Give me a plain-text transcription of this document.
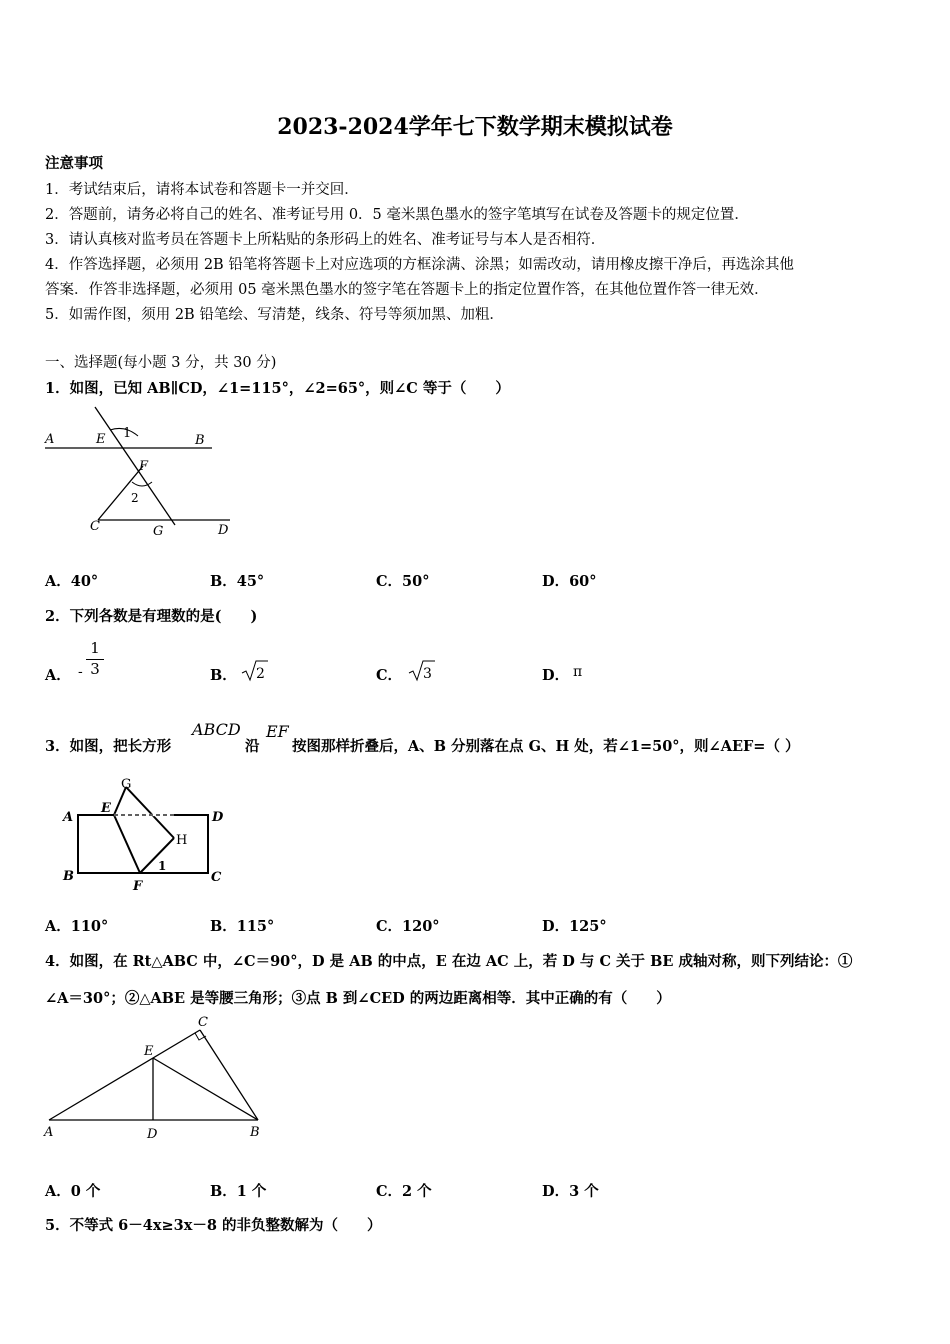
2023-2024学年七下数学期末模拟试卷
注意事项
1．考试结束后，请将本试卷和答题卡一并交回．
2．答题前，请务必将自己的姓名、准考证号用 0．5 毫米黑色墨水的签字笔填写在试卷及答题卡的规定位置．
3．请认真核对监考员在答题卡上所粘贴的条形码上的姓名、准考证号与本人是否相符．
4．作答选择题，必须用 2B 铅笔将答题卡上对应选项的方框涂满、涂黑；如需改动，请用橡皮擦干净后，再选涂其他
答案．作答非选择题，必须用 05 毫米黑色墨水的签字笔在答题卡上的指定位置作答，在其他位置作答一律无效．
5．如需作图，须用 2B 铅笔绘、写清楚，线条、符号等须加黑、加粗．
一、选择题(每小题 3 分，共 30 分)
1．如图，已知 AB∥CD，∠1=115°，∠2=65°，则∠C 等于（　　）
A	E	B
1
F
2
C	G	D
A．40°	B．45°	C．50°	D．60°
2．下列各数是有理数的是(　　)
A． - $\frac{1}{3}$	B． 2	C． 3	D． π
3．如图，把长方形
ABCD
沿
EF
按图那样折叠后，A、B 分别落在点 G、H 处，若∠1=50°，则∠AEF=（ ）
G
E
A	D
H
B
F
1
C
A．110°	B．115°	C．120°	D．125°
4．如图，在 Rt△ABC 中，∠C＝90°，D 是 AB 的中点，E 在边 AC 上，若 D 与 C 关于 BE 成轴对称，则下列结论：①
∠A＝30°；②△ABE 是等腰三角形；③点 B 到∠CED 的两边距离相等．其中正确的有（　　）
C
E
A	D	B
A．0 个	B．1 个	C．2 个	D．3 个
5．不等式 6－4x≥3x－8 的非负整数解为（　　）
